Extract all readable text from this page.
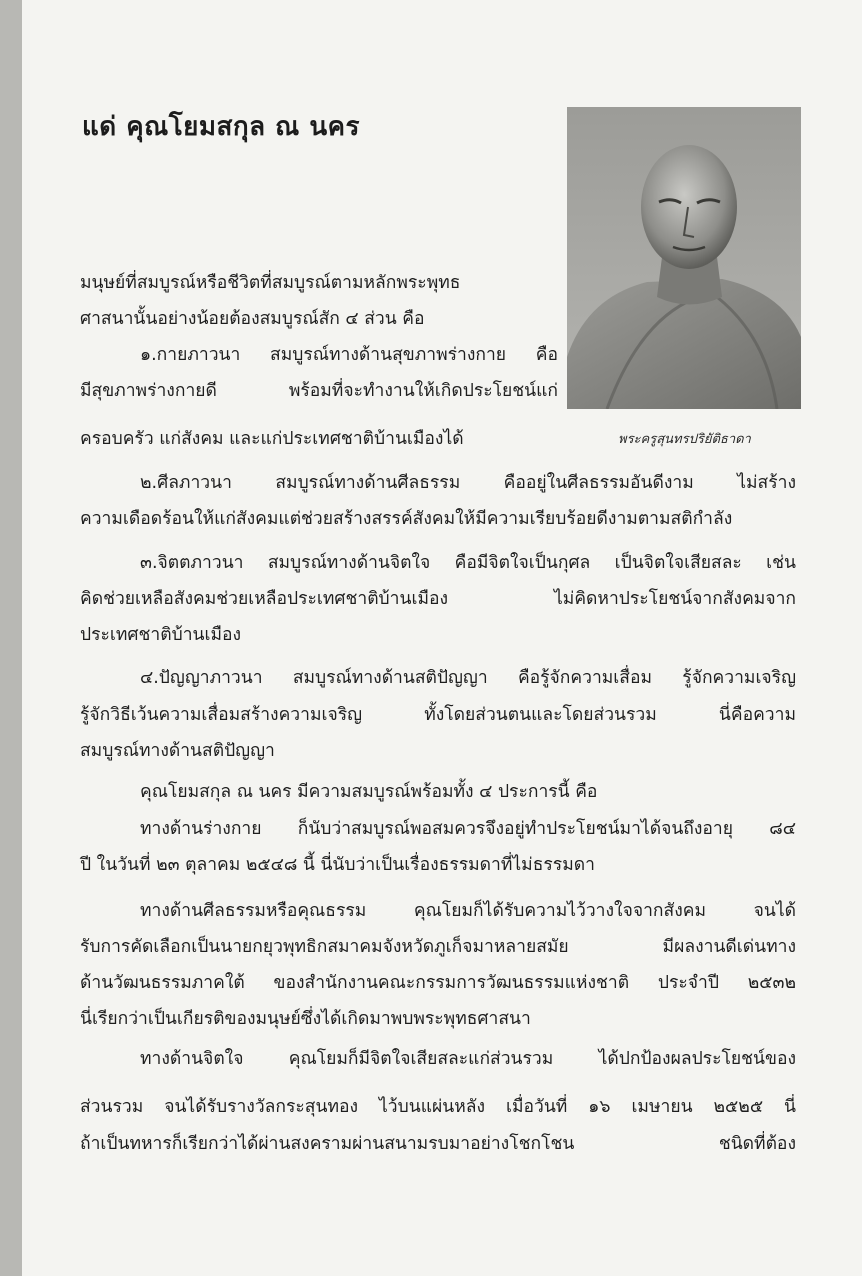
แด่ คุณโยมสกุล ณ นคร
พระครูสุนทรปริยัติธาดา
มนุษย์ที่สมบูรณ์หรือชีวิตที่สมบูรณ์ตามหลักพระพุทธ
ศาสนานั้นอย่างน้อยต้องสมบูรณ์สัก ๔ ส่วน คือ
๑.กายภาวนา สมบูรณ์ทางด้านสุขภาพร่างกาย คือ
มีสุขภาพร่างกายดี พร้อมที่จะทำงานให้เกิดประโยชน์แก่
ครอบครัว แก่สังคม และแก่ประเทศชาติบ้านเมืองได้
๒.ศีลภาวนา สมบูรณ์ทางด้านศีลธรรม คืออยู่ในศีลธรรมอันดีงาม ไม่สร้าง
ความเดือดร้อนให้แก่สังคมแต่ช่วยสร้างสรรค์สังคมให้มีความเรียบร้อยดีงามตามสติกำลัง
๓.จิตตภาวนา สมบูรณ์ทางด้านจิตใจ คือมีจิตใจเป็นกุศล เป็นจิตใจเสียสละ เช่น
คิดช่วยเหลือสังคมช่วยเหลือประเทศชาติบ้านเมือง ไม่คิดหาประโยชน์จากสังคมจาก
ประเทศชาติบ้านเมือง
๔.ปัญญาภาวนา สมบูรณ์ทางด้านสติปัญญา คือรู้จักความเสื่อม รู้จักความเจริญ
รู้จักวิธีเว้นความเสื่อมสร้างความเจริญ ทั้งโดยส่วนตนและโดยส่วนรวม นี่คือความ
สมบูรณ์ทางด้านสติปัญญา
คุณโยมสกุล ณ นคร มีความสมบูรณ์พร้อมทั้ง ๔ ประการนี้ คือ
ทางด้านร่างกาย ก็นับว่าสมบูรณ์พอสมควรจึงอยู่ทำประโยชน์มาได้จนถึงอายุ ๘๔
ปี ในวันที่ ๒๓ ตุลาคม ๒๕๔๘ นี้ นี่นับว่าเป็นเรื่องธรรมดาที่ไม่ธรรมดา
ทางด้านศีลธรรมหรือคุณธรรม คุณโยมก็ได้รับความไว้วางใจจากสังคม จนได้
รับการคัดเลือกเป็นนายกยุวพุทธิกสมาคมจังหวัดภูเก็จมาหลายสมัย มีผลงานดีเด่นทาง
ด้านวัฒนธรรมภาคใต้ ของสำนักงานคณะกรรมการวัฒนธรรมแห่งชาติ ประจำปี ๒๕๓๒
นี่เรียกว่าเป็นเกียรติของมนุษย์ซึ่งได้เกิดมาพบพระพุทธศาสนา
ทางด้านจิตใจ คุณโยมก็มีจิตใจเสียสละแก่ส่วนรวม ได้ปกป้องผลประโยชน์ของ
ส่วนรวม จนได้รับรางวัลกระสุนทอง ไว้บนแผ่นหลัง เมื่อวันที่ ๑๖ เมษายน ๒๕๒๕ นี่
ถ้าเป็นทหารก็เรียกว่าได้ผ่านสงครามผ่านสนามรบมาอย่างโชกโชน ชนิดที่ต้อง
